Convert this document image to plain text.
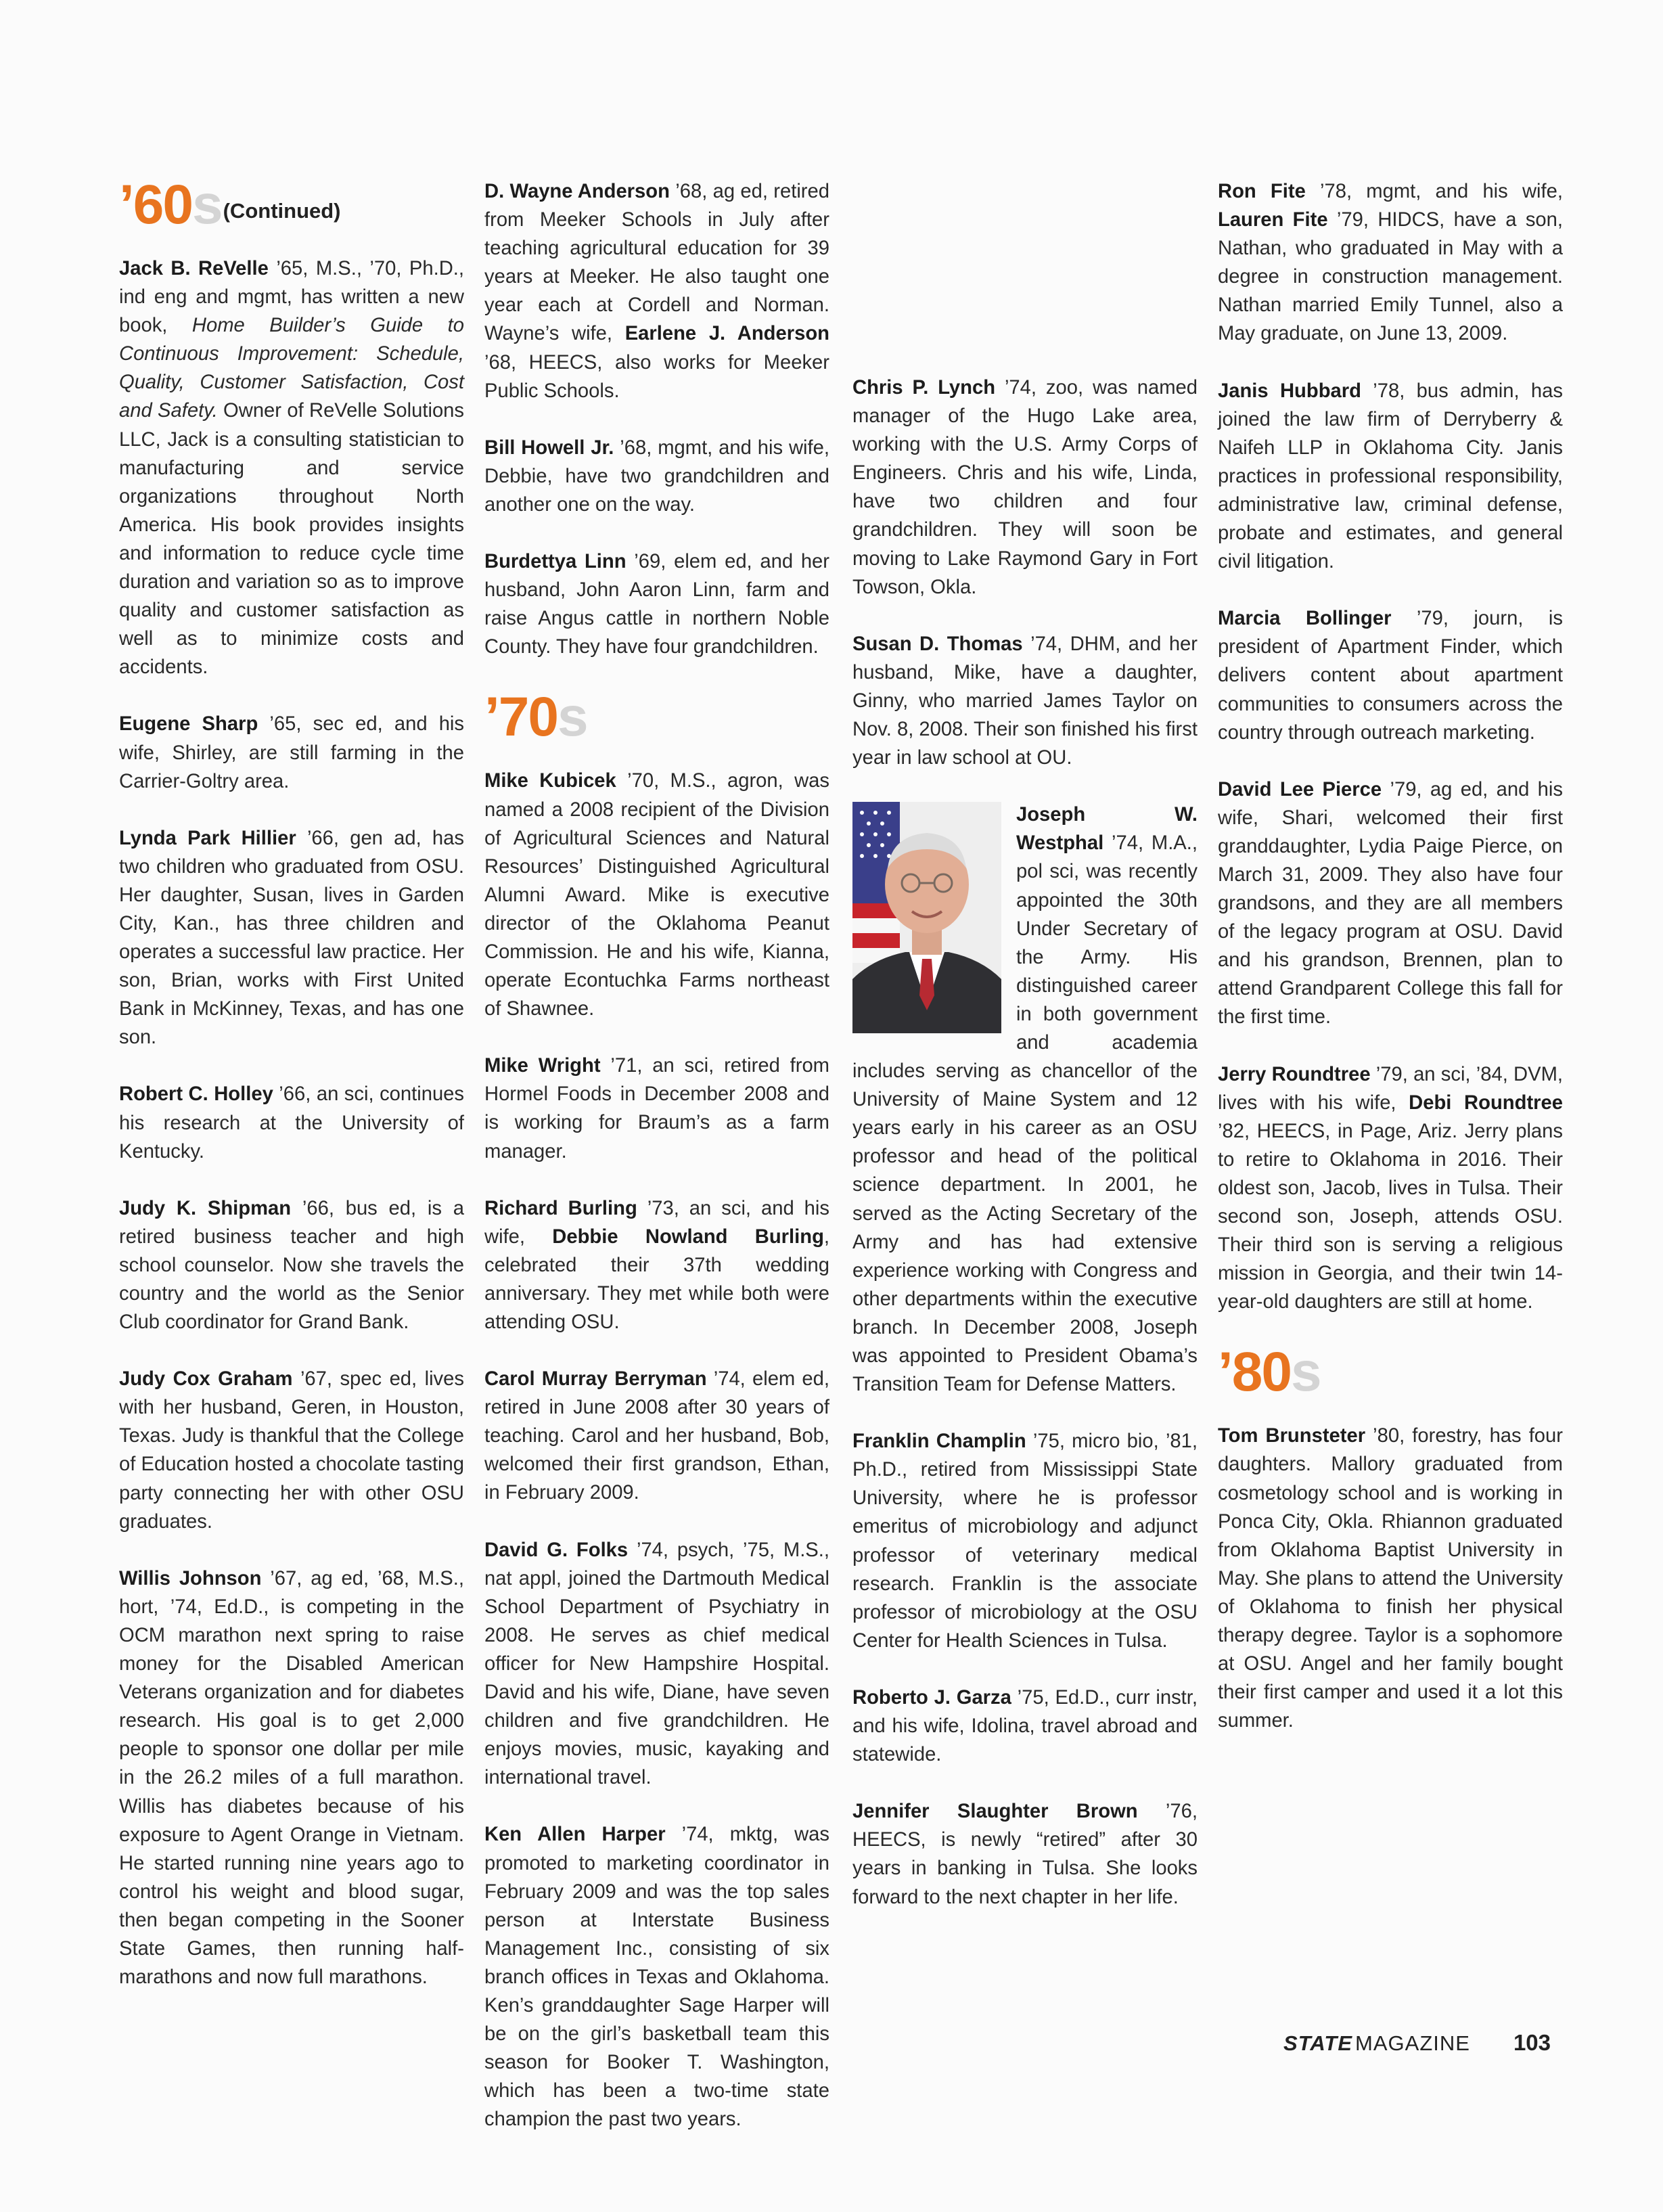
’60s(Continued)

Jack B. ReVelle ’65, M.S., ’70, Ph.D., ind eng and mgmt, has written a new book, Home Builder’s Guide to Continuous Improvement: Schedule, Quality, Customer Satisfaction, Cost and Safety. Owner of ReVelle Solutions LLC, Jack is a consulting statistician to manufacturing and service organizations throughout North America. His book provides insights and information to reduce cycle time duration and variation so as to improve quality and customer satisfaction as well as to minimize costs and accidents.

Eugene Sharp ’65, sec ed, and his wife, Shirley, are still farming in the Carrier-Goltry area.

Lynda Park Hillier ’66, gen ad, has two children who graduated from OSU. Her daughter, Susan, lives in Garden City, Kan., has three children and operates a successful law practice. Her son, Brian, works with First United Bank in McKinney, Texas, and has one son.

Robert C. Holley ’66, an sci, continues his research at the University of Kentucky.

Judy K. Shipman ’66, bus ed, is a retired business teacher and high school counselor. Now she travels the country and the world as the Senior Club coordinator for Grand Bank.

Judy Cox Graham ’67, spec ed, lives with her husband, Geren, in Houston, Texas. Judy is thankful that the College of Education hosted a chocolate tasting party connecting her with other OSU graduates.

Willis Johnson ’67, ag ed, ’68, M.S., hort, ’74, Ed.D., is competing in the OCM marathon next spring to raise money for the Disabled American Veterans organization and for diabetes research. His goal is to get 2,000 people to sponsor one dollar per mile in the 26.2 miles of a full marathon. Willis has diabetes because of his exposure to Agent Orange in Vietnam. He started running nine years ago to control his weight and blood sugar, then began competing in the Sooner State Games, then running half-marathons and now full marathons.

D. Wayne Anderson ’68, ag ed, retired from Meeker Schools in July after teaching agricultural education for 39 years at Meeker. He also taught one year each at Cordell and Norman. Wayne’s wife, Earlene J. Anderson ’68, HEECS, also works for Meeker Public Schools.

Bill Howell Jr. ’68, mgmt, and his wife, Debbie, have two grandchildren and another one on the way.

Burdettya Linn ’69, elem ed, and her husband, John Aaron Linn, farm and raise Angus cattle in northern Noble County. They have four grandchildren.

’70s

Mike Kubicek ’70, M.S., agron, was named a 2008 recipient of the Division of Agricultural Sciences and Natural Resources’ Distinguished Agricultural Alumni Award. Mike is executive director of the Oklahoma Peanut Commission. He and his wife, Kianna, operate Econtuchka Farms northeast of Shawnee.

Mike Wright ’71, an sci, retired from Hormel Foods in December 2008 and is working for Braum’s as a farm manager.

Richard Burling ’73, an sci, and his wife, Debbie Nowland Burling, celebrated their 37th wedding anniversary. They met while both were attending OSU.

Carol Murray Berryman ’74, elem ed, retired in June 2008 after 30 years of teaching. Carol and her husband, Bob, welcomed their first grandson, Ethan, in February 2009.

David G. Folks ’74, psych, ’75, M.S., nat appl, joined the Dartmouth Medical School Department of Psychiatry in 2008. He serves as chief medical officer for New Hampshire Hospital. David and his wife, Diane, have seven children and five grandchildren. He enjoys movies, music, kayaking and international travel.

Ken Allen Harper ’74, mktg, was promoted to marketing coordinator in February 2009 and was the top sales person at Interstate Business Management Inc., consisting of six branch offices in Texas and Oklahoma. Ken’s granddaughter Sage Harper will be on the girl’s basketball team this season for Booker T. Washington, which has been a two-time state champion the past two years.

Chris P. Lynch ’74, zoo, was named manager of the Hugo Lake area, working with the U.S. Army Corps of Engineers. Chris and his wife, Linda, have two children and four grandchildren. They will soon be moving to Lake Raymond Gary in Fort Towson, Okla.

Susan D. Thomas ’74, DHM, and her husband, Mike, have a daughter, Ginny, who married James Taylor on Nov. 8, 2008. Their son finished his first year in law school at OU.

Joseph W. Westphal ’74, M.A., pol sci, was recently appointed the 30th Under Secretary of the Army. His distinguished career in both government and academia includes serving as chancellor of the University of Maine System and 12 years early in his career as an OSU professor and head of the political science department. In 2001, he served as the Acting Secretary of the Army and has had extensive experience working with Congress and other departments within the executive branch. In December 2008, Joseph was appointed to President Obama’s Transition Team for Defense Matters.

Franklin Champlin ’75, micro bio, ’81, Ph.D., retired from Mississippi State University, where he is professor emeritus of microbiology and adjunct professor of veterinary medical research. Franklin is the associate professor of microbiology at the OSU Center for Health Sciences in Tulsa.

Roberto J. Garza ’75, Ed.D., curr instr, and his wife, Idolina, travel abroad and statewide.

Jennifer Slaughter Brown ’76, HEECS, is newly “retired” after 30 years in banking in Tulsa. She looks forward to the next chapter in her life.

Ron Fite ’78, mgmt, and his wife, Lauren Fite ’79, HIDCS, have a son, Nathan, who graduated in May with a degree in construction management. Nathan married Emily Tunnel, also a May graduate, on June 13, 2009.

Janis Hubbard ’78, bus admin, has joined the law firm of Derryberry & Naifeh LLP in Oklahoma City. Janis practices in professional responsibility, administrative law, criminal defense, probate and estimates, and general civil litigation.

Marcia Bollinger ’79, journ, is president of Apartment Finder, which delivers content about apartment communities to consumers across the country through outreach marketing.

David Lee Pierce ’79, ag ed, and his wife, Shari, welcomed their first granddaughter, Lydia Paige Pierce, on March 31, 2009. They also have four grandsons, and they are all members of the legacy program at OSU. David and his grandson, Brennen, plan to attend Grandparent College this fall for the first time.

Jerry Roundtree ’79, an sci, ’84, DVM, lives with his wife, Debi Roundtree ’82, HEECS, in Page, Ariz. Jerry plans to retire to Oklahoma in 2016. Their oldest son, Jacob, lives in Tulsa. Their second son, Joseph, attends OSU. Their third son is serving a religious mission in Georgia, and their twin 14-year-old daughters are still at home.

’80s

Tom Brunsteter ’80, forestry, has four daughters. Mallory graduated from cosmetology school and is working in Ponca City, Okla. Rhiannon graduated from Oklahoma Baptist University in May. She plans to attend the University of Oklahoma to finish her physical therapy degree. Taylor is a sophomore at OSU. Angel and her family bought their first camper and used it a lot this summer.

STATE MAGAZINE 103
